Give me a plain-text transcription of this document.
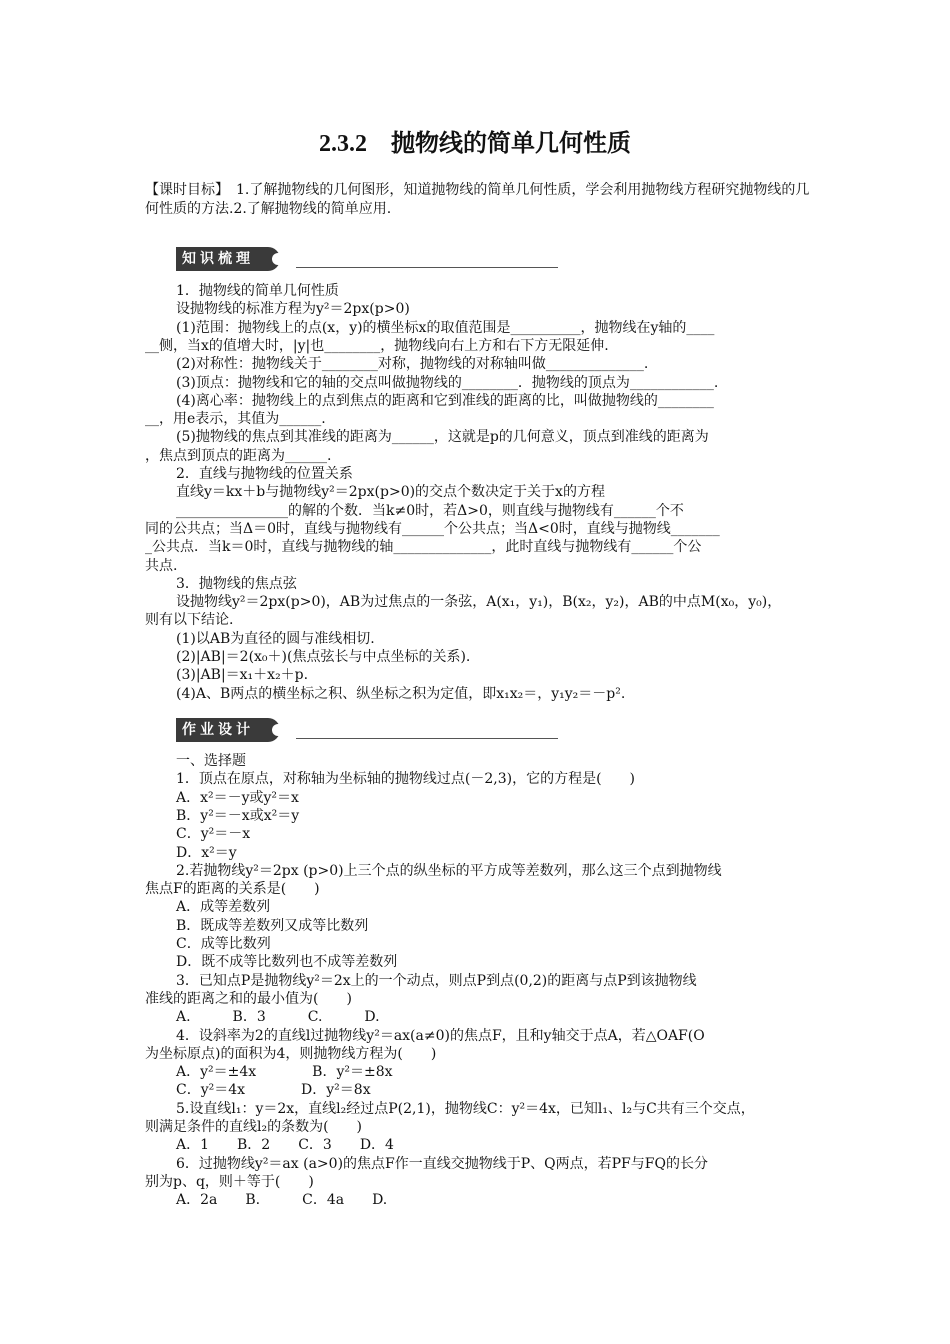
2.3.2　抛物线的简单几何性质
【课时目标】　1.了解抛物线的几何图形，知道抛物线的简单几何性质，学会利用抛物线方程研究抛物线的几何性质的方法.2.了解抛物线的简单应用.
知识梳理
1．抛物线的简单几何性质
设抛物线的标准方程为y²＝2px(p>0)
(1)范围：抛物线上的点(x，y)的横坐标x的取值范围是__________，抛物线在y轴的____
__侧，当x的值增大时，|y|也________，抛物线向右上方和右下方无限延伸.
(2)对称性：抛物线关于________对称，抛物线的对称轴叫做______________.
(3)顶点：抛物线和它的轴的交点叫做抛物线的________．抛物线的顶点为____________.
(4)离心率：抛物线上的点到焦点的距离和它到准线的距离的比，叫做抛物线的________
__，用e表示，其值为______.
(5)抛物线的焦点到其准线的距离为______，这就是p的几何意义，顶点到准线的距离为
，焦点到顶点的距离为______.
2．直线与抛物线的位置关系
直线y＝kx＋b与抛物线y²＝2px(p>0)的交点个数决定于关于x的方程
________________的解的个数．当k≠0时，若Δ>0，则直线与抛物线有______个不
同的公共点；当Δ＝0时，直线与抛物线有______个公共点；当Δ<0时，直线与抛物线_______
_公共点．当k＝0时，直线与抛物线的轴______________，此时直线与抛物线有______个公
共点.
3．抛物线的焦点弦
设抛物线y²＝2px(p>0)，AB为过焦点的一条弦，A(x₁，y₁)，B(x₂，y₂)，AB的中点M(x₀，y₀)，
则有以下结论.
(1)以AB为直径的圆与准线相切.
(2)|AB|＝2(x₀＋)(焦点弦长与中点坐标的关系).
(3)|AB|＝x₁＋x₂＋p.
(4)A、B两点的横坐标之积、纵坐标之积为定值，即x₁x₂＝，y₁y₂＝－p².
作业设计
一、选择题
1．顶点在原点，对称轴为坐标轴的抛物线过点(－2,3)，它的方程是(　　)
A．x²＝－y或y²＝x
B．y²＝－x或x²＝y
C．y²＝－x
D．x²＝y
2.若抛物线y²＝2px (p>0)上三个点的纵坐标的平方成等差数列，那么这三个点到抛物线
焦点F的距离的关系是(　　)
A．成等差数列
B．既成等差数列又成等比数列
C．成等比数列
D．既不成等比数列也不成等差数列
3．已知点P是抛物线y²＝2x上的一个动点，则点P到点(0,2)的距离与点P到该抛物线
准线的距离之和的最小值为(　　)
A.　　　B．3　　　C.　　　D.
4．设斜率为2的直线l过抛物线y²＝ax(a≠0)的焦点F，且和y轴交于点A，若△OAF(O
为坐标原点)的面积为4，则抛物线方程为(　　)
A．y²＝±4x　　　　B．y²＝±8x
C．y²＝4x　　　　D．y²＝8x
5.设直线l₁：y＝2x，直线l₂经过点P(2,1)，抛物线C：y²＝4x，已知l₁、l₂与C共有三个交点，
则满足条件的直线l₂的条数为(　　)
A．1　　B．2　　C．3　　D．4
6．过抛物线y²＝ax (a>0)的焦点F作一直线交抛物线于P、Q两点，若PF与FQ的长分
别为p、q，则＋等于(　　)
A．2a　　B.　　　C．4a　　D.
